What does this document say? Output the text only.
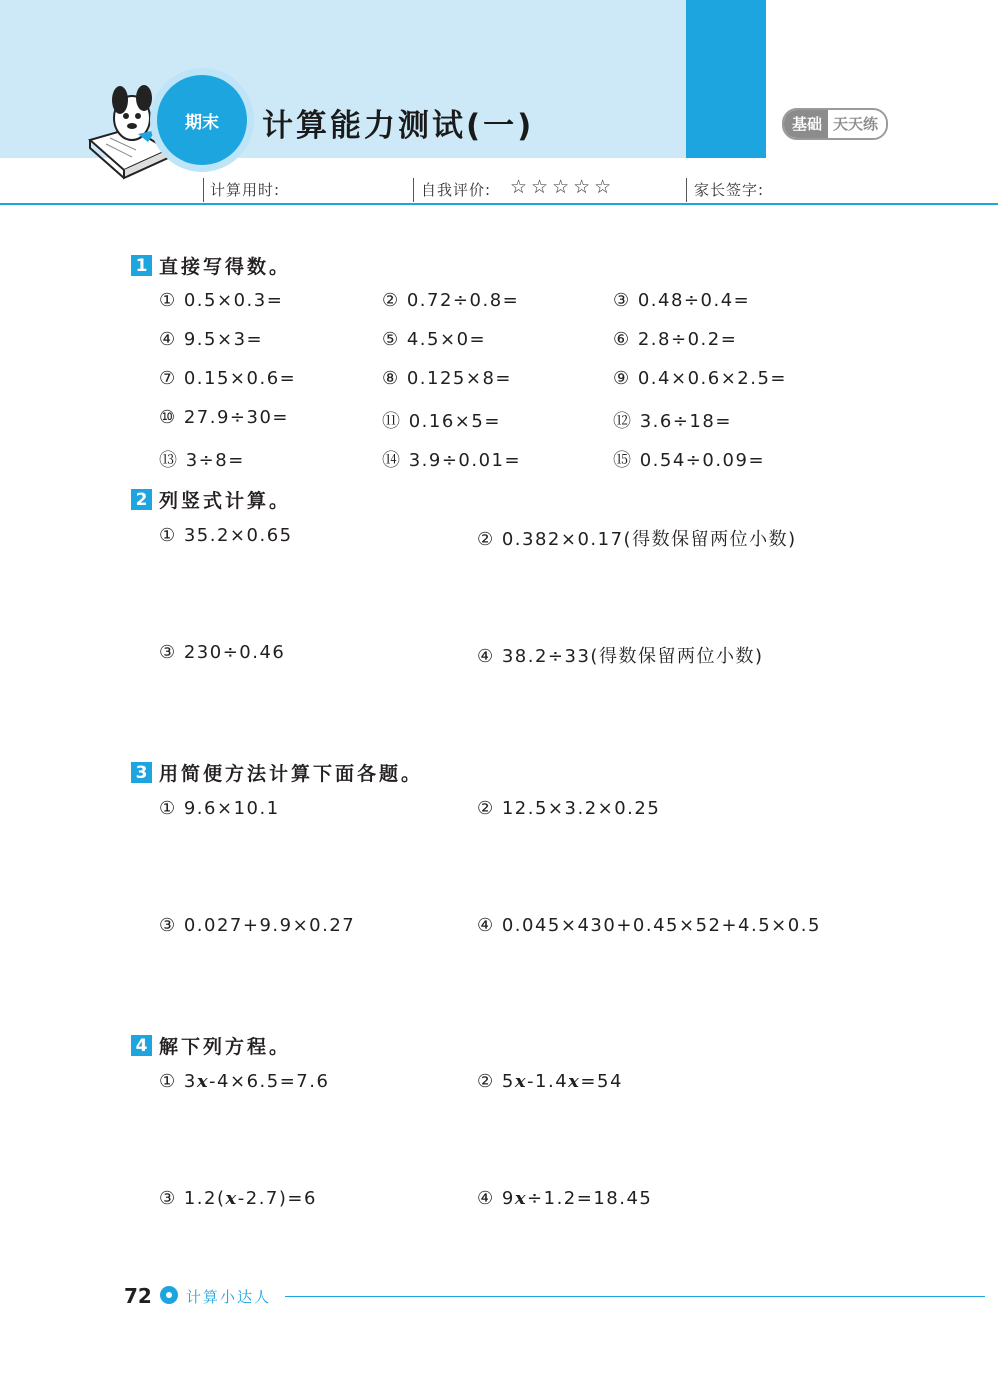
期末	计算能力测试(一)	基础 天天练
计算用时:	自我评价: ☆☆☆☆☆	家长签字:
1 直接写得数。
① 0.5×0.3=	② 0.72÷0.8=	③ 0.48÷0.4=
④ 9.5×3=	⑤ 4.5×0=	⑥ 2.8÷0.2=
⑦ 0.15×0.6=	⑧ 0.125×8=	⑨ 0.4×0.6×2.5=
⑩ 27.9÷30=	⑪ 0.16×5=	⑫ 3.6÷18=
⑬ 3÷8=	⑭ 3.9÷0.01=	⑮ 0.54÷0.09=
2 列竖式计算。
① 35.2×0.65	② 0.382×0.17(得数保留两位小数)
③ 230÷0.46	④ 38.2÷33(得数保留两位小数)
3 用简便方法计算下面各题。
① 9.6×10.1	② 12.5×3.2×0.25
③ 0.027+9.9×0.27	④ 0.045×430+0.45×52+4.5×0.5
4 解下列方程。
① 3x-4×6.5=7.6	② 5x-1.4x=54
③ 1.2(x-2.7)=6	④ 9x÷1.2=18.45
72 计算小达人
